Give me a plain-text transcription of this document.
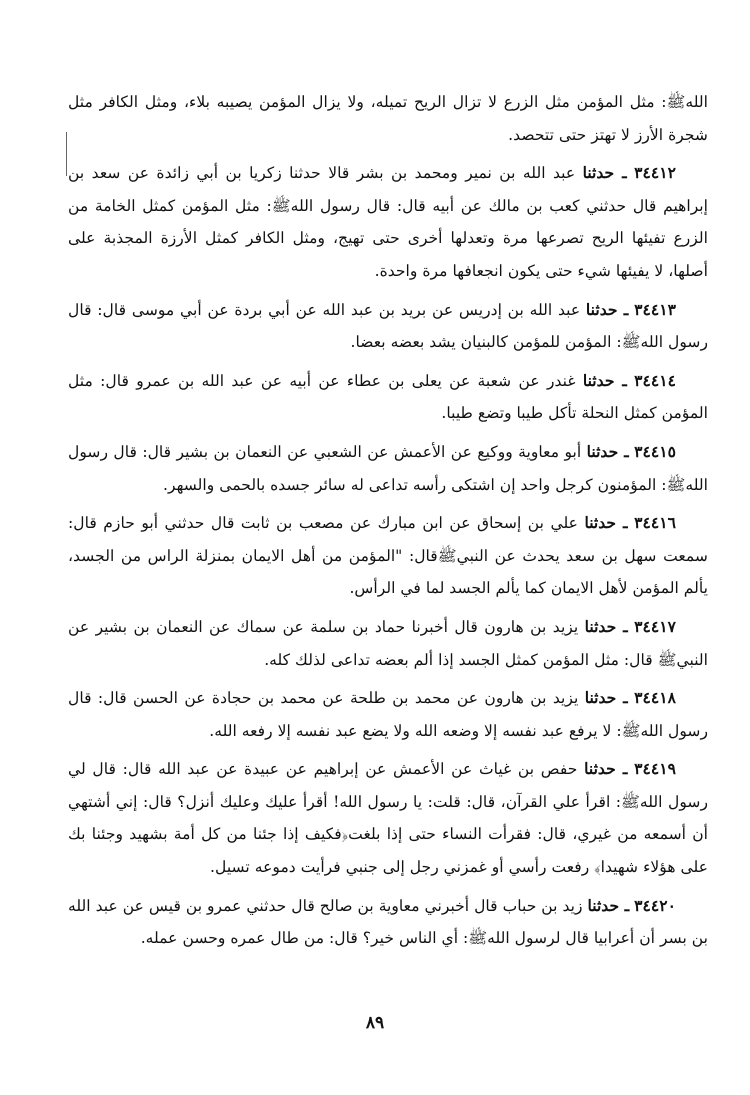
اللهﷺ: مثل المؤمن مثل الزرع لا تزال الريح تميله، ولا يزال المؤمن يصيبه بلاء، ومثل الكافر مثل شجرة الأرز لا تهتز حتى تتحصد.

٣٤٤١٢ ـ حدثنا عبد الله بن نمير ومحمد بن بشر قالا حدثنا زكريا بن أبي زائدة عن سعد بن إبراهيم قال حدثني كعب بن مالك عن أبيه قال: قال رسول اللهﷺ: مثل المؤمن كمثل الخامة من الزرع تفيئها الريح تصرعها مرة وتعدلها أخرى حتى تهيج، ومثل الكافر كمثل الأرزة المجذبة على أصلها، لا يفيئها شيء حتى يكون انجعافها مرة واحدة.

٣٤٤١٣ ـ حدثنا عبد الله بن إدريس عن بريد بن عبد الله عن أبي بردة عن أبي موسى قال: قال رسول اللهﷺ: المؤمن للمؤمن كالبنيان يشد بعضه بعضا.

٣٤٤١٤ ـ حدثنا غندر عن شعبة عن يعلى بن عطاء عن أبيه عن عبد الله بن عمرو قال: مثل المؤمن كمثل النحلة تأكل طيبا وتضع طيبا.

٣٤٤١٥ ـ حدثنا أبو معاوية ووكيع عن الأعمش عن الشعبي عن النعمان بن بشير قال: قال رسول اللهﷺ: المؤمنون كرجل واحد إن اشتكى رأسه تداعى له سائر جسده بالحمى والسهر.

٣٤٤١٦ ـ حدثنا علي بن إسحاق عن ابن مبارك عن مصعب بن ثابت قال حدثني أبو حازم قال: سمعت سهل بن سعد يحدث عن النبيﷺقال: "المؤمن من أهل الايمان بمنزلة الراس من الجسد، يألم المؤمن لأهل الايمان كما يألم الجسد لما في الرأس.

٣٤٤١٧ ـ حدثنا يزيد بن هارون قال أخبرنا حماد بن سلمة عن سماك عن النعمان بن بشير عن النبيﷺ قال: مثل المؤمن كمثل الجسد إذا ألم بعضه تداعى لذلك كله.

٣٤٤١٨ ـ حدثنا يزيد بن هارون عن محمد بن طلحة عن محمد بن حجادة عن الحسن قال: قال رسول اللهﷺ: لا يرفع عبد نفسه إلا وضعه الله ولا يضع عبد نفسه إلا رفعه الله.

٣٤٤١٩ ـ حدثنا حفص بن غياث عن الأعمش عن إبراهيم عن عبيدة عن عبد الله قال: قال لي رسول اللهﷺ: اقرأ علي القرآن، قال: قلت: يا رسول الله! أقرأ عليك وعليك أنزل؟ قال: إني أشتهي أن أسمعه من غيري، قال: فقرأت النساء حتى إذا بلغت﴿فكيف إذا جئنا من كل أمة بشهيد وجئنا بك على هؤلاء شهيدا﴾ رفعت رأسي أو غمزني رجل إلى جنبي فرأيت دموعه تسيل.

٣٤٤٢٠ ـ حدثنا زيد بن حباب قال أخبرني معاوية بن صالح قال حدثني عمرو بن قيس عن عبد الله بن بسر أن أعرابيا قال لرسول اللهﷺ: أي الناس خير؟ قال: من طال عمره وحسن عمله.

٨٩
